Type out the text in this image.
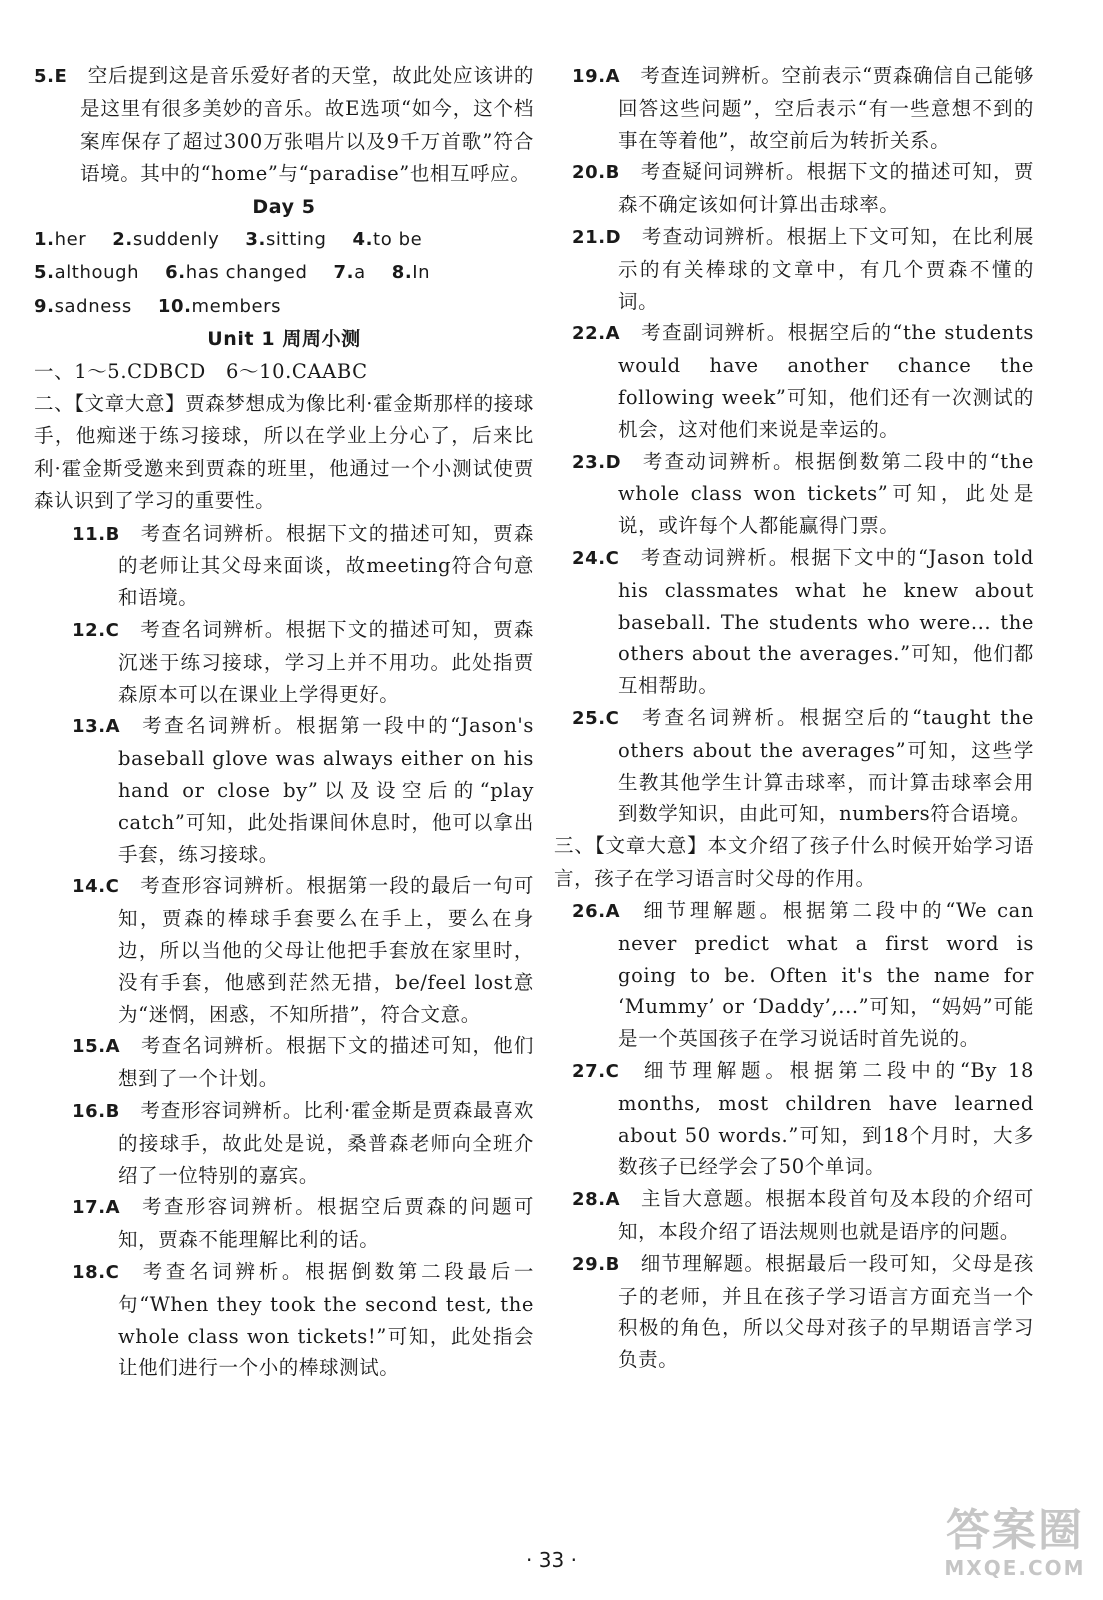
5.E  空后提到这是音乐爱好者的天堂，故此处应该讲的是这里有很多美妙的音乐。故E选项“如今，这个档案库保存了超过300万张唱片以及9千万首歌”符合语境。其中的“home”与“paradise”也相互呼应。

Day 5

1.her 2.suddenly 3.sitting 4.to be
5.although 6.has changed 7.a 8.In
9.sadness 10.members

Unit 1 周周小测

一、1～5.CDBCD　6～10.CAABC

二、【文章大意】贾森梦想成为像比利·霍金斯那样的接球手，他痴迷于练习接球，所以在学业上分心了，后来比利·霍金斯受邀来到贾森的班里，他通过一个小测试使贾森认识到了学习的重要性。

11.B  考查名词辨析。根据下文的描述可知，贾森的老师让其父母来面谈，故meeting符合句意和语境。

12.C  考查名词辨析。根据下文的描述可知，贾森沉迷于练习接球，学习上并不用功。此处指贾森原本可以在课业上学得更好。

13.A  考查名词辨析。根据第一段中的“Jason's baseball glove was always either on his hand or close by”以及设空后的“play catch”可知，此处指课间休息时，他可以拿出手套，练习接球。

14.C  考查形容词辨析。根据第一段的最后一句可知，贾森的棒球手套要么在手上，要么在身边，所以当他的父母让他把手套放在家里时，没有手套，他感到茫然无措，be/feel lost意为“迷惘，困惑，不知所措”，符合文意。

15.A  考查名词辨析。根据下文的描述可知，他们想到了一个计划。

16.B  考查形容词辨析。比利·霍金斯是贾森最喜欢的接球手，故此处是说，桑普森老师向全班介绍了一位特别的嘉宾。

17.A  考查形容词辨析。根据空后贾森的问题可知，贾森不能理解比利的话。

18.C  考查名词辨析。根据倒数第二段最后一句“When they took the second test, the whole class won tickets!”可知，此处指会让他们进行一个小的棒球测试。

19.A  考查连词辨析。空前表示“贾森确信自己能够回答这些问题”，空后表示“有一些意想不到的事在等着他”，故空前后为转折关系。

20.B  考查疑问词辨析。根据下文的描述可知，贾森不确定该如何计算出击球率。

21.D  考查动词辨析。根据上下文可知，在比利展示的有关棒球的文章中，有几个贾森不懂的词。

22.A  考查副词辨析。根据空后的“the students would have another chance the following week”可知，他们还有一次测试的机会，这对他们来说是幸运的。

23.D  考查动词辨析。根据倒数第二段中的“the whole class won tickets”可知，此处是说，或许每个人都能赢得门票。

24.C  考查动词辨析。根据下文中的“Jason told his classmates what he knew about baseball. The students who were... the others about the averages.”可知，他们都互相帮助。

25.C  考查名词辨析。根据空后的“taught the others about the averages”可知，这些学生教其他学生计算击球率，而计算击球率会用到数学知识，由此可知，numbers符合语境。

三、【文章大意】本文介绍了孩子什么时候开始学习语言，孩子在学习语言时父母的作用。

26.A  细节理解题。根据第二段中的“We can never predict what a first word is going to be. Often it's the name for ‘Mummy’ or ‘Daddy’,...”可知，“妈妈”可能是一个英国孩子在学习说话时首先说的。

27.C  细节理解题。根据第二段中的“By 18 months, most children have learned about 50 words.”可知，到18个月时，大多数孩子已经学会了50个单词。

28.A  主旨大意题。根据本段首句及本段的介绍可知，本段介绍了语法规则也就是语序的问题。

29.B  细节理解题。根据最后一段可知，父母是孩子的老师，并且在孩子学习语言方面充当一个积极的角色，所以父母对孩子的早期语言学习负责。

· 33 ·
答案圈
MXQE.COM
